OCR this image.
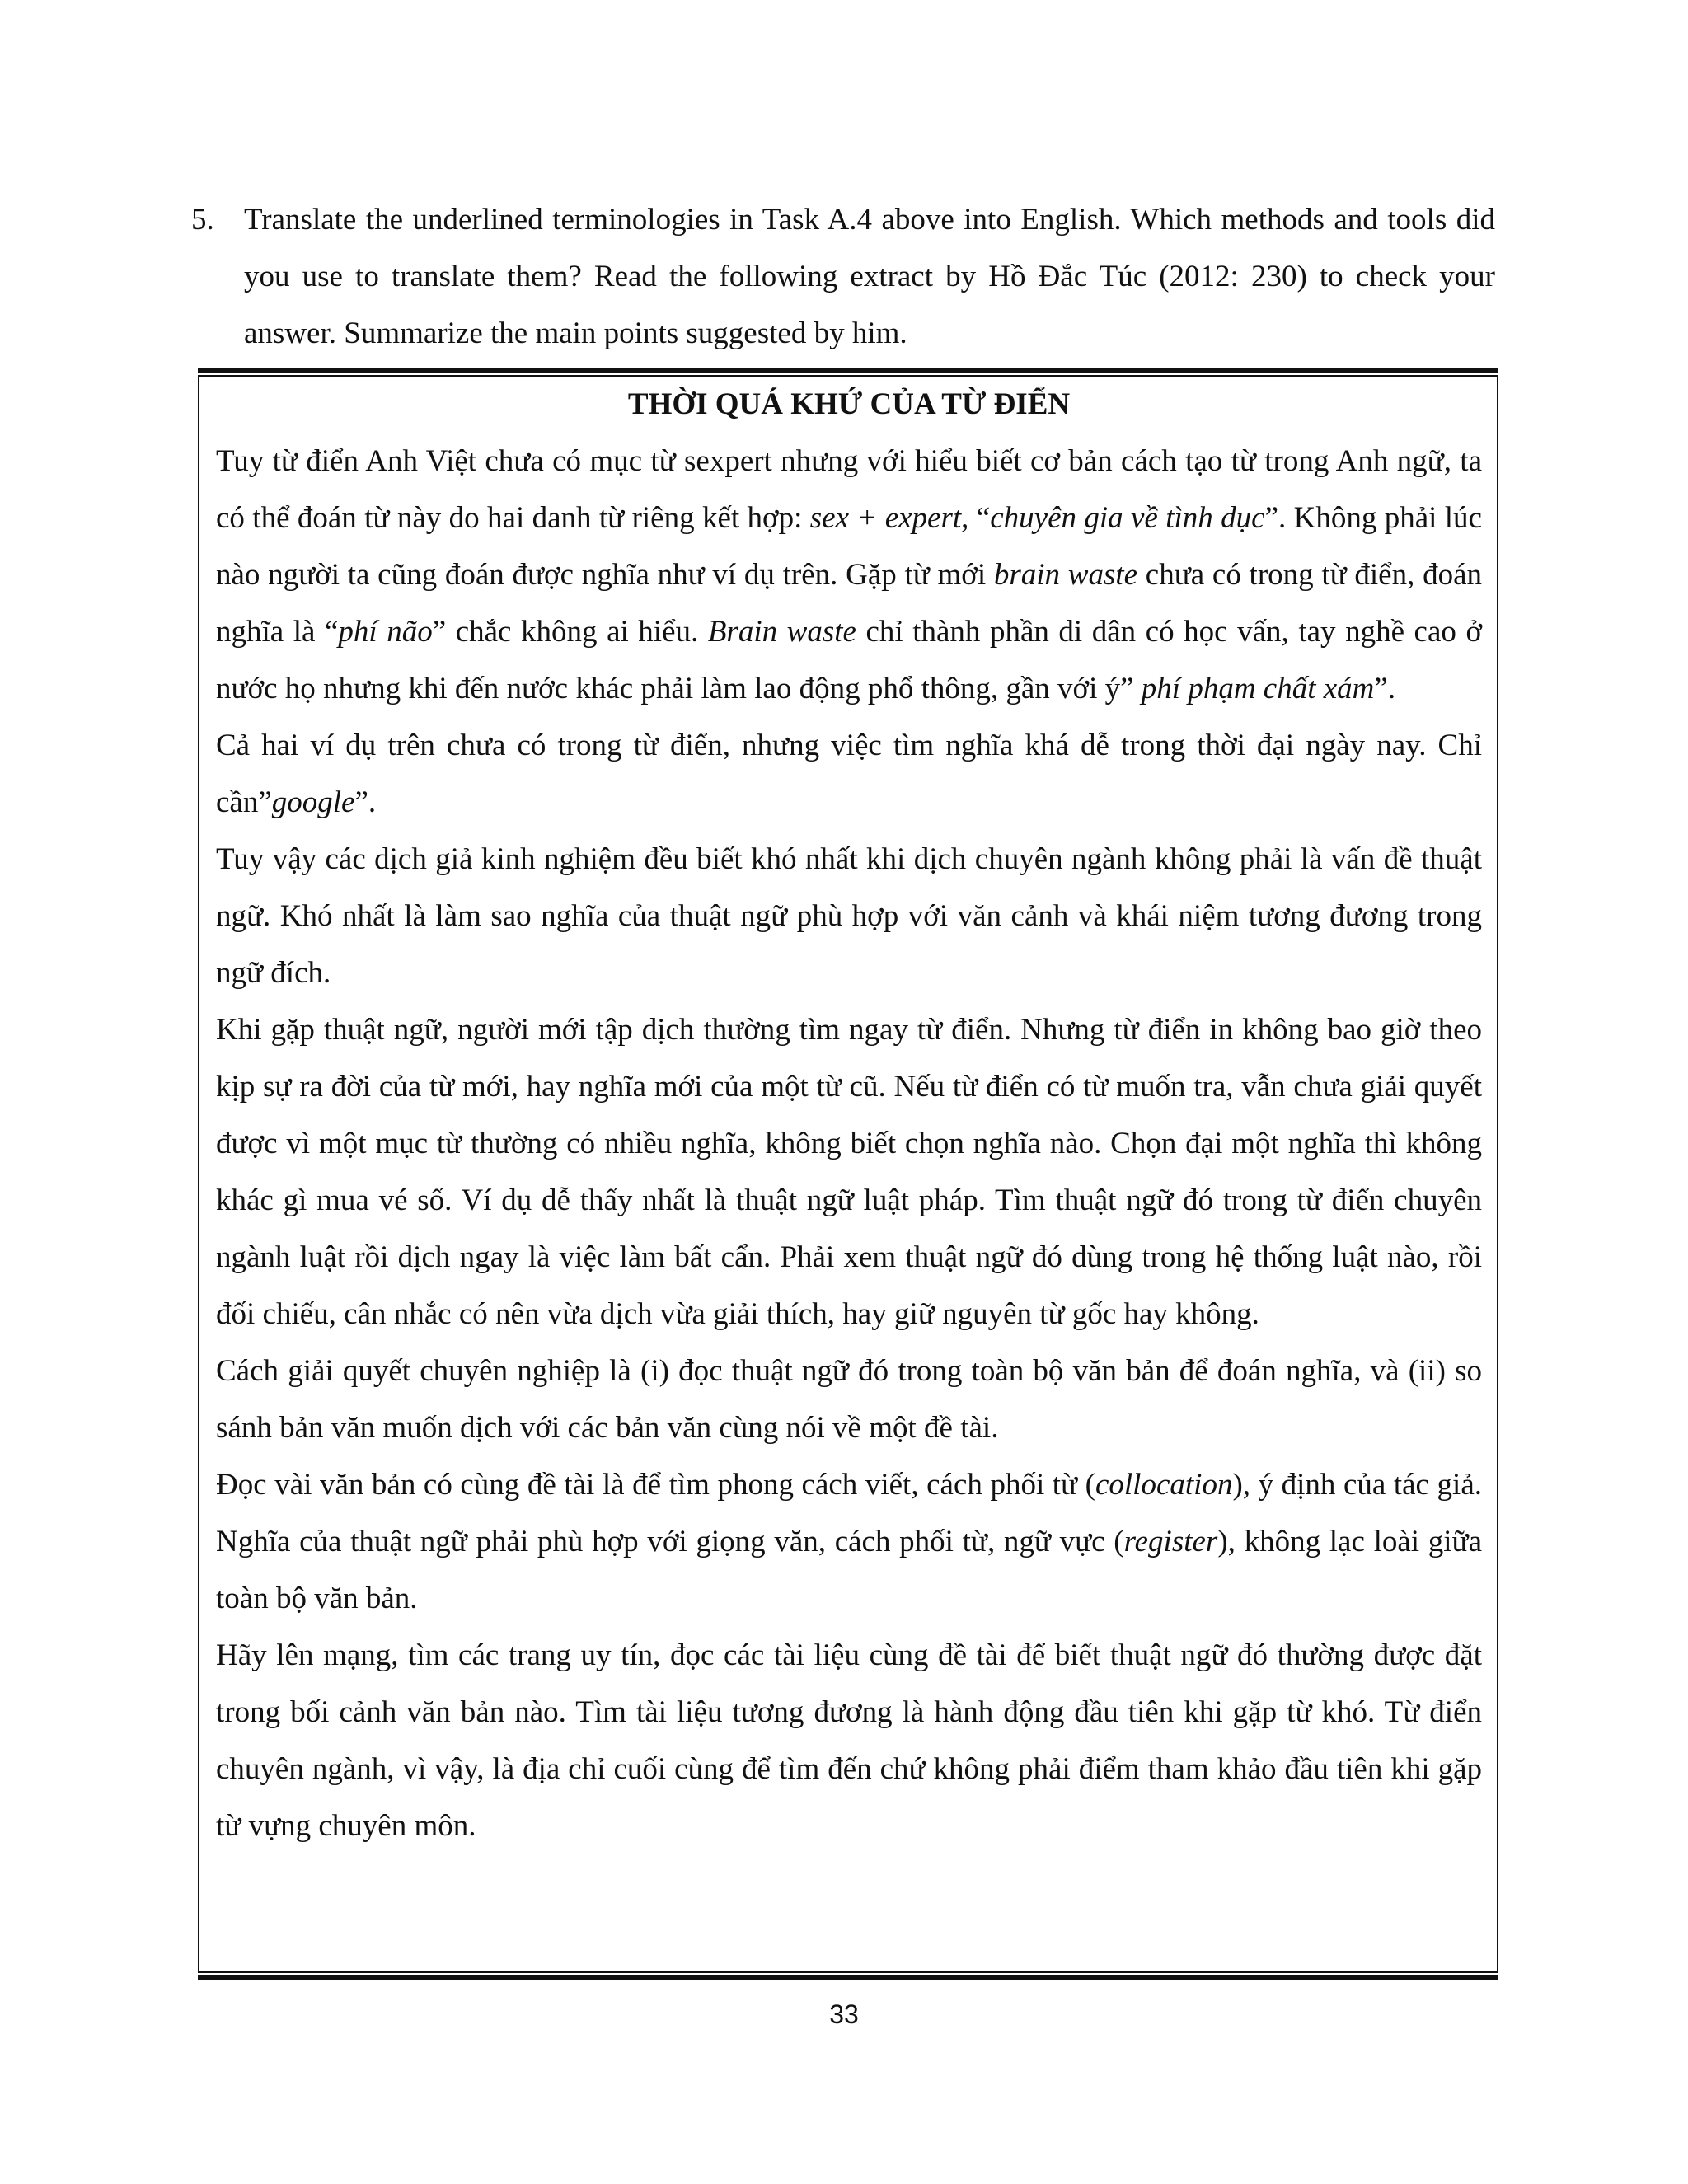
5. Translate the underlined terminologies in Task A.4 above into English. Which methods and tools did you use to translate them? Read the following extract by Hồ Đắc Túc (2012: 230) to check your answer. Summarize the main points suggested by him.

THỜI QUÁ KHỨ CỦA TỪ ĐIỂN

Tuy từ điển Anh Việt chưa có mục từ sexpert nhưng với hiểu biết cơ bản cách tạo từ trong Anh ngữ, ta có thể đoán từ này do hai danh từ riêng kết hợp: sex + expert, “chuyên gia về tình dục”. Không phải lúc nào người ta cũng đoán được nghĩa như ví dụ trên. Gặp từ mới brain waste chưa có trong từ điển, đoán nghĩa là “phí não” chắc không ai hiểu. Brain waste chỉ thành phần di dân có học vấn, tay nghề cao ở nước họ nhưng khi đến nước khác phải làm lao động phổ thông, gần với ý” phí phạm chất xám”.

Cả hai ví dụ trên chưa có trong từ điển, nhưng việc tìm nghĩa khá dễ trong thời đại ngày nay. Chỉ cần”google”.

Tuy vậy các dịch giả kinh nghiệm đều biết khó nhất khi dịch chuyên ngành không phải là vấn đề thuật ngữ. Khó nhất là làm sao nghĩa của thuật ngữ phù hợp với văn cảnh và khái niệm tương đương trong ngữ đích.

Khi gặp thuật ngữ, người mới tập dịch thường tìm ngay từ điển. Nhưng từ điển in không bao giờ theo kịp sự ra đời của từ mới, hay nghĩa mới của một từ cũ. Nếu từ điển có từ muốn tra, vẫn chưa giải quyết được vì một mục từ thường có nhiều nghĩa, không biết chọn nghĩa nào. Chọn đại một nghĩa thì không khác gì mua vé số. Ví dụ dễ thấy nhất là thuật ngữ luật pháp. Tìm thuật ngữ đó trong từ điển chuyên ngành luật rồi dịch ngay là việc làm bất cẩn. Phải xem thuật ngữ đó dùng trong hệ thống luật nào, rồi đối chiếu, cân nhắc có nên vừa dịch vừa giải thích, hay giữ nguyên từ gốc hay không.

Cách giải quyết chuyên nghiệp là (i) đọc thuật ngữ đó trong toàn bộ văn bản để đoán nghĩa, và (ii) so sánh bản văn muốn dịch với các bản văn cùng nói về một đề tài.

Đọc vài văn bản có cùng đề tài là để tìm phong cách viết, cách phối từ (collocation), ý định của tác giả. Nghĩa của thuật ngữ phải phù hợp với giọng văn, cách phối từ, ngữ vực (register), không lạc loài giữa toàn bộ văn bản.

Hãy lên mạng, tìm các trang uy tín, đọc các tài liệu cùng đề tài để biết thuật ngữ đó thường được đặt trong bối cảnh văn bản nào. Tìm tài liệu tương đương là hành động đầu tiên khi gặp từ khó. Từ điển chuyên ngành, vì vậy, là địa chỉ cuối cùng để tìm đến chứ không phải điểm tham khảo đầu tiên khi gặp từ vựng chuyên môn.

33
